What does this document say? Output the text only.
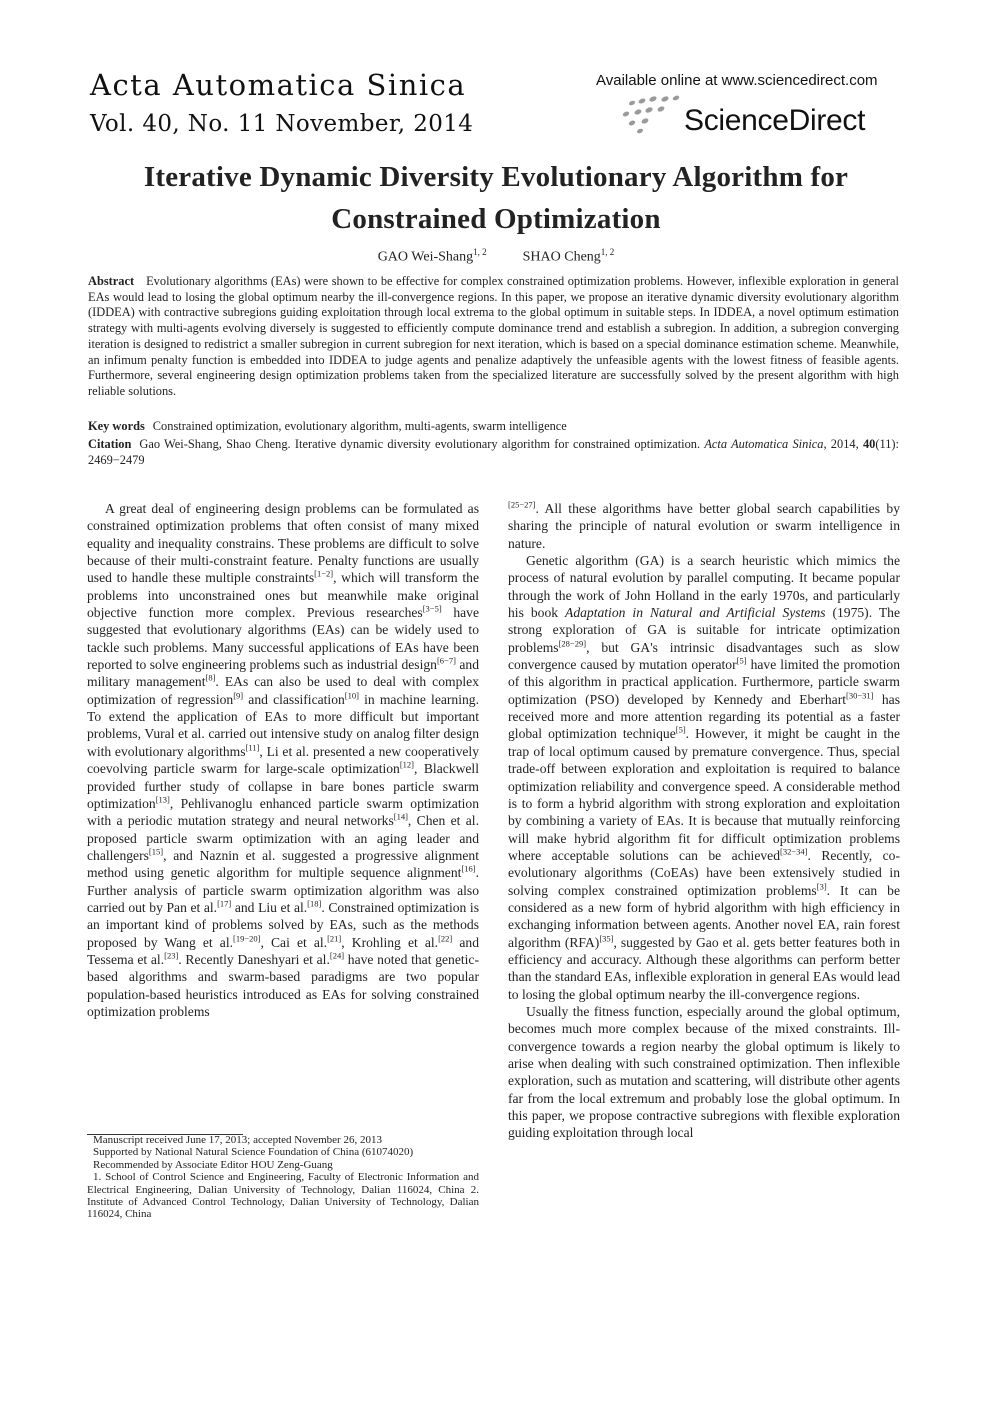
Acta Automatica Sinica
Vol. 40, No. 11 November, 2014
Available online at www.sciencedirect.com
ScienceDirect
Iterative Dynamic Diversity Evolutionary Algorithm for
Constrained Optimization
GAO Wei-Shang$^{1, 2}$	SHAO Cheng$^{1, 2}$
Abstract Evolutionary algorithms (EAs) were shown to be effective for complex constrained optimization problems. However, inflexible exploration in general EAs would lead to losing the global optimum nearby the ill-convergence regions. In this paper, we propose an iterative dynamic diversity evolutionary algorithm (IDDEA) with contractive subregions guiding exploitation through local extrema to the global optimum in suitable steps. In IDDEA, a novel optimum estimation strategy with multi-agents evolving diversely is suggested to efficiently compute dominance trend and establish a subregion. In addition, a subregion converging iteration is designed to redistrict a smaller subregion in current subregion for next iteration, which is based on a special dominance estimation scheme. Meanwhile, an infimum penalty function is embedded into IDDEA to judge agents and penalize adaptively the unfeasible agents with the lowest fitness of feasible agents. Furthermore, several engineering design optimization problems taken from the specialized literature are successfully solved by the present algorithm with high reliable solutions.
Key words Constrained optimization, evolutionary algorithm, multi-agents, swarm intelligence
Citation Gao Wei-Shang, Shao Cheng. Iterative dynamic diversity evolutionary algorithm for constrained optimization. Acta Automatica Sinica, 2014, 40(11): 2469−2479

A great deal of engineering design problems can be formulated as constrained optimization problems that often consist of many mixed equality and inequality constrains. These problems are difficult to solve because of their multi-constraint feature. Penalty functions are usually used to handle these multiple constraints[1−2], which will transform the problems into unconstrained ones but meanwhile make original objective function more complex. Previous researches[3−5] have suggested that evolutionary algorithms (EAs) can be widely used to tackle such problems. Many successful applications of EAs have been reported to solve engineering problems such as industrial design[6−7] and military management[8]. EAs can also be used to deal with complex optimization of regression[9] and classification[10] in machine learning. To extend the application of EAs to more difficult but important problems, Vural et al. carried out intensive study on analog filter design with evolutionary algorithms[11], Li et al. presented a new cooperatively coevolving particle swarm for large-scale optimization[12], Blackwell provided further study of collapse in bare bones particle swarm optimization[13], Pehlivanoglu enhanced particle swarm optimization with a periodic mutation strategy and neural networks[14], Chen et al. proposed particle swarm optimization with an aging leader and challengers[15], and Naznin et al. suggested a progressive alignment method using genetic algorithm for multiple sequence alignment[16]. Further analysis of particle swarm optimization algorithm was also carried out by Pan et al.[17] and Liu et al.[18]. Constrained optimization is an important kind of problems solved by EAs, such as the methods proposed by Wang et al.[19−20], Cai et al.[21], Krohling et al.[22] and Tessema et al.[23]. Recently Daneshyari et al.[24] have noted that genetic-based algorithms and swarm-based paradigms are two popular population-based heuristics introduced as EAs for solving constrained optimization problems

Manuscript received June 17, 2013; accepted November 26, 2013

Supported by National Natural Science Foundation of China (61074020)

Recommended by Associate Editor HOU Zeng-Guang

1. School of Control Science and Engineering, Faculty of Electronic Information and Electrical Engineering, Dalian University of Technology, Dalian 116024, China 2. Institute of Advanced Control Technology, Dalian University of Technology, Dalian 116024, China

[25−27]. All these algorithms have better global search capabilities by sharing the principle of natural evolution or swarm intelligence in nature.

Genetic algorithm (GA) is a search heuristic which mimics the process of natural evolution by parallel computing. It became popular through the work of John Holland in the early 1970s, and particularly his book Adaptation in Natural and Artificial Systems (1975). The strong exploration of GA is suitable for intricate optimization problems[28−29], but GA's intrinsic disadvantages such as slow convergence caused by mutation operator[5] have limited the promotion of this algorithm in practical application. Furthermore, particle swarm optimization (PSO) developed by Kennedy and Eberhart[30−31] has received more and more attention regarding its potential as a faster global optimization technique[5]. However, it might be caught in the trap of local optimum caused by premature convergence. Thus, special trade-off between exploration and exploitation is required to balance optimization reliability and convergence speed. A considerable method is to form a hybrid algorithm with strong exploration and exploitation by combining a variety of EAs. It is because that mutually reinforcing will make hybrid algorithm fit for difficult optimization problems where acceptable solutions can be achieved[32−34]. Recently, co-evolutionary algorithms (CoEAs) have been extensively studied in solving complex constrained optimization problems[3]. It can be considered as a new form of hybrid algorithm with high efficiency in exchanging information between agents. Another novel EA, rain forest algorithm (RFA)[35], suggested by Gao et al. gets better features both in efficiency and accuracy. Although these algorithms can perform better than the standard EAs, inflexible exploration in general EAs would lead to losing the global optimum nearby the ill-convergence regions.

Usually the fitness function, especially around the global optimum, becomes much more complex because of the mixed constraints. Ill-convergence towards a region nearby the global optimum is likely to arise when dealing with such constrained optimization. Then inflexible exploration, such as mutation and scattering, will distribute other agents far from the local extremum and probably lose the global optimum. In this paper, we propose contractive subregions with flexible exploration guiding exploitation through local
